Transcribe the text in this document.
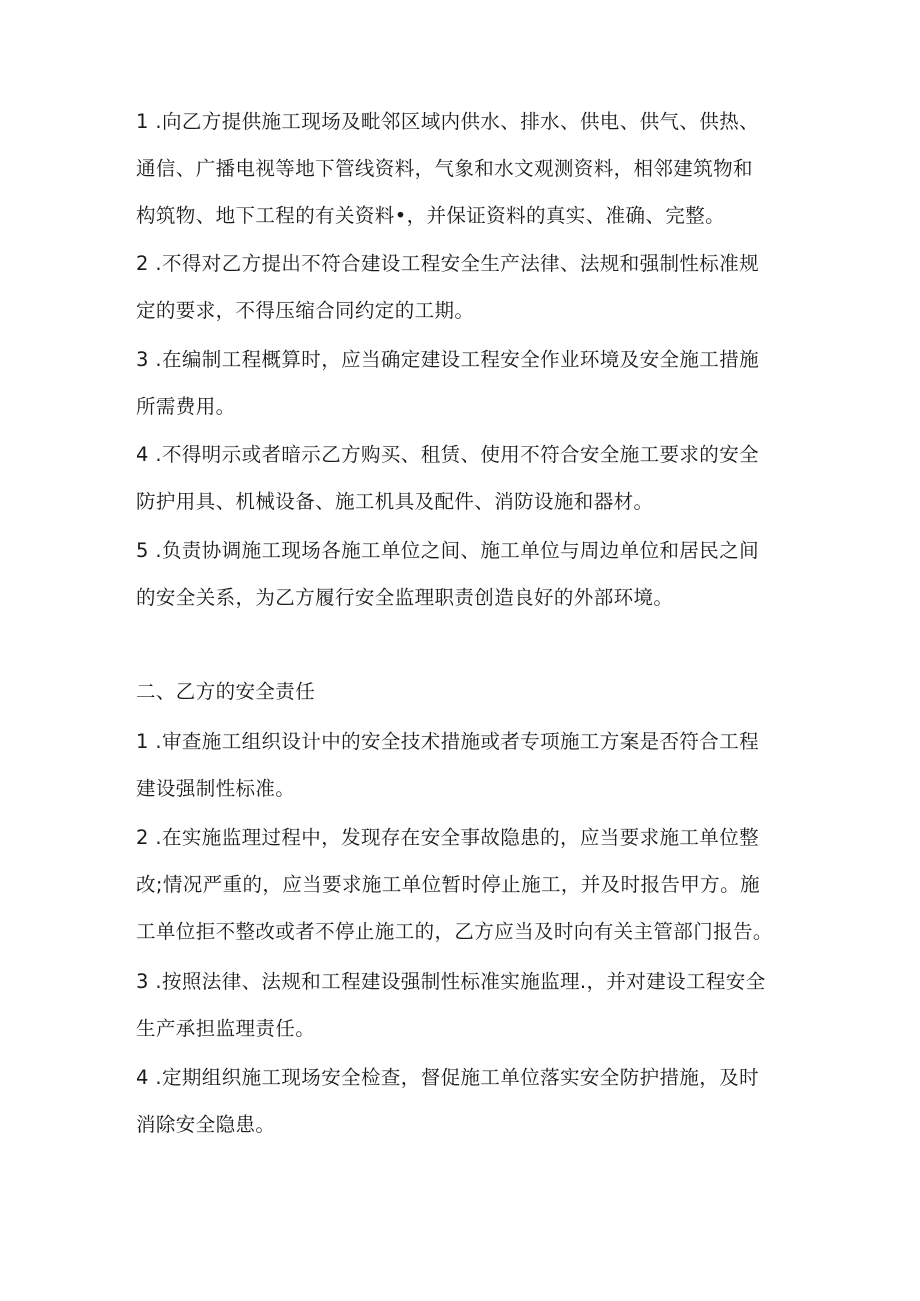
1 .向乙方提供施工现场及毗邻区域内供水、排水、供电、供气、供热、
通信、广播电视等地下管线资料，气象和水文观测资料，相邻建筑物和
构筑物、地下工程的有关资料•，并保证资料的真实、准确、完整。
2 .不得对乙方提出不符合建设工程安全生产法律、法规和强制性标准规
定的要求，不得压缩合同约定的工期。
3 .在编制工程概算时，应当确定建设工程安全作业环境及安全施工措施
所需费用。
4 .不得明示或者暗示乙方购买、租赁、使用不符合安全施工要求的安全
防护用具、机械设备、施工机具及配件、消防设施和器材。
5 .负责协调施工现场各施工单位之间、施工单位与周边单位和居民之间
的安全关系，为乙方履行安全监理职责创造良好的外部环境。
二、乙方的安全责任
1 .审查施工组织设计中的安全技术措施或者专项施工方案是否符合工程
建设强制性标准。
2 .在实施监理过程中，发现存在安全事故隐患的，应当要求施工单位整
改;情况严重的，应当要求施工单位暂时停止施工，并及时报告甲方。施
工单位拒不整改或者不停止施工的，乙方应当及时向有关主管部门报告。
3 .按照法律、法规和工程建设强制性标准实施监理.，并对建设工程安全
生产承担监理责任。
4 .定期组织施工现场安全检查，督促施工单位落实安全防护措施，及时
消除安全隐患。
